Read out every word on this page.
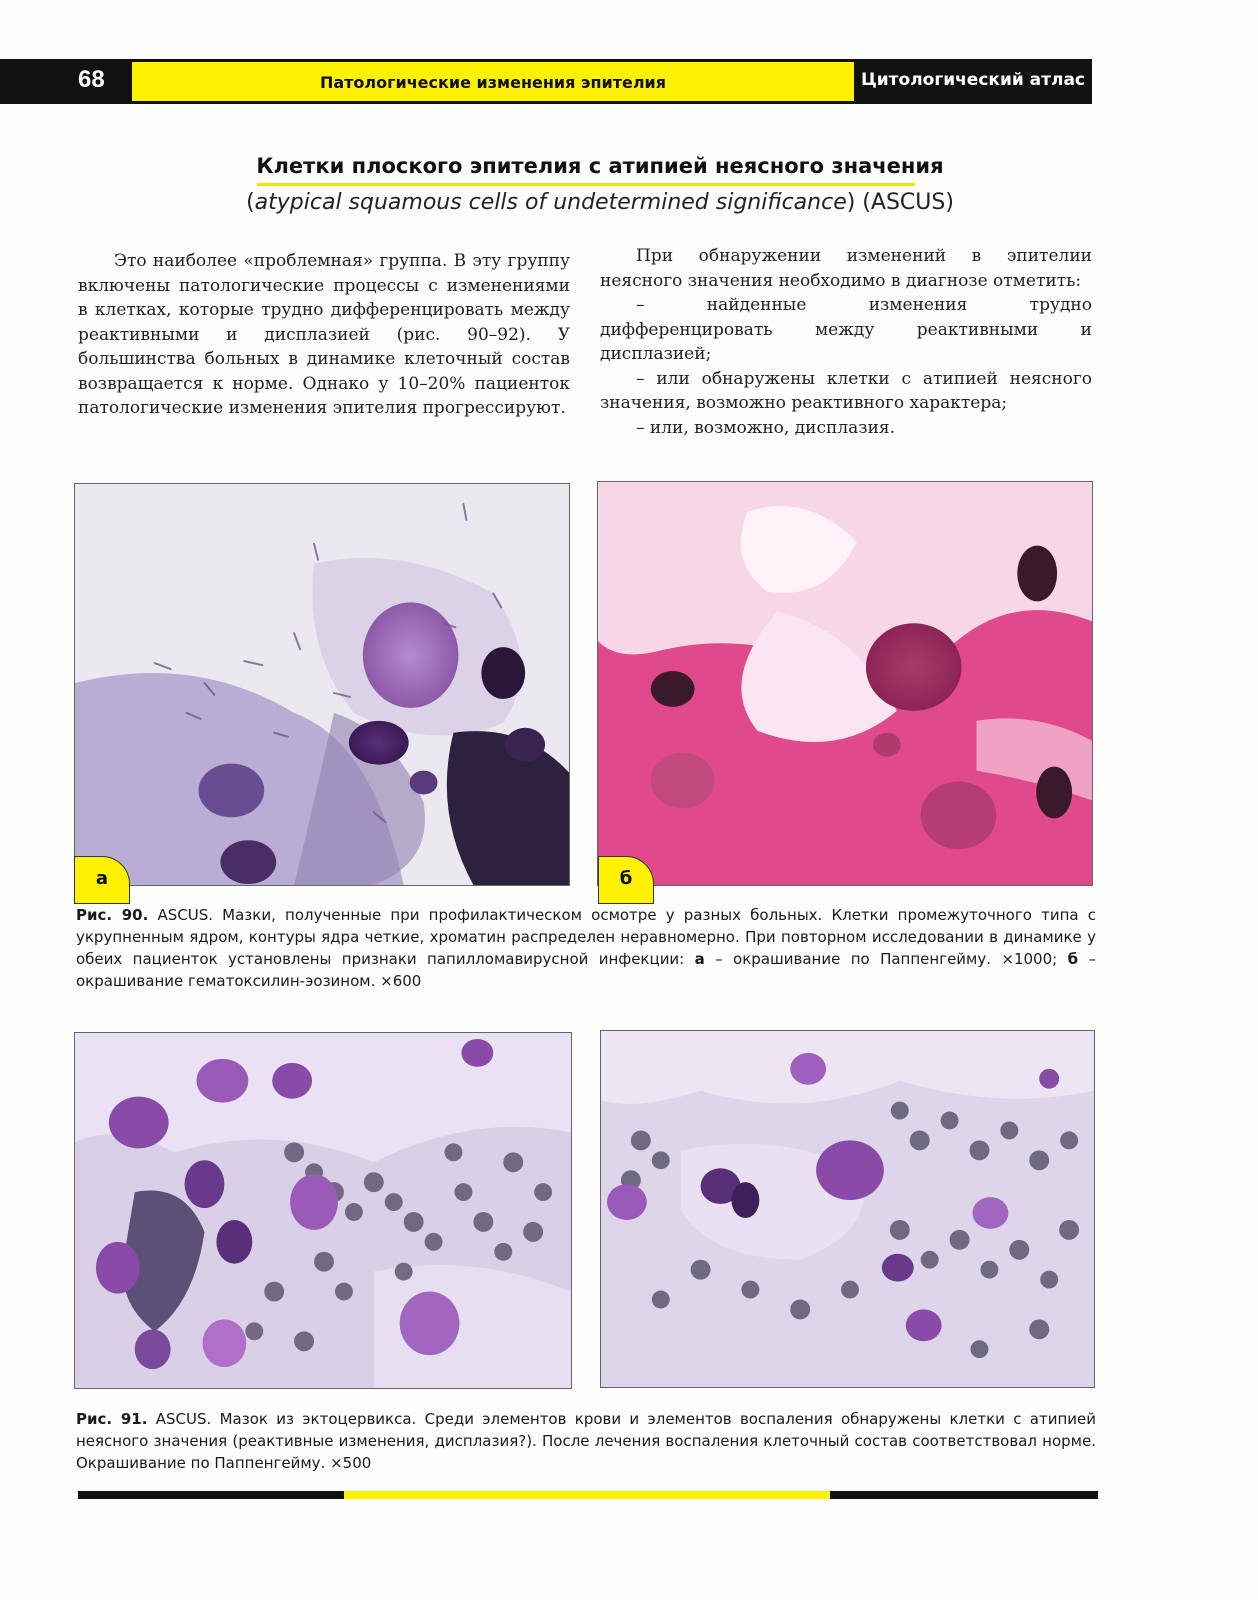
68	Патологические изменения эпителия	Цитологический атлас
Клетки плоского эпителия с атипией неясного значения
(atypical squamous cells of undetermined significance) (ASCUS)

Это наиболее «проблемная» группа. В эту группу включены патологические процессы с изменениями в клетках, которые трудно дифференцировать между реактивными и дисплазией (рис. 90–92). У большинства больных в динамике клеточный состав возвращается к норме. Однако у 10–20% пациенток патологические изменения эпителия прогрессируют.

При обнаружении изменений в эпителии неясного значения необходимо в диагнозе отметить:

– найденные изменения трудно дифференцировать между реактивными и дисплазией;

– или обнаружены клетки с атипией неясного значения, возможно реактивного характера;

– или, возможно, дисплазия.

а	б
Рис. 90. ASCUS. Мазки, полученные при профилактическом осмотре у разных больных. Клетки промежуточного типа с укрупненным ядром, контуры ядра четкие, хроматин распределен неравномерно. При повторном исследовании в динамике у обеих пациенток установлены признаки папилломавирусной инфекции: а – окрашивание по Паппенгейму. ×1000; б – окрашивание гематоксилин-эозином. ×600
Рис. 91. ASCUS. Мазок из эктоцервикса. Среди элементов крови и элементов воспаления обнаружены клетки с атипией неясного значения (реактивные изменения, дисплазия?). После лечения воспаления клеточный состав соответствовал норме. Окрашивание по Паппенгейму. ×500
